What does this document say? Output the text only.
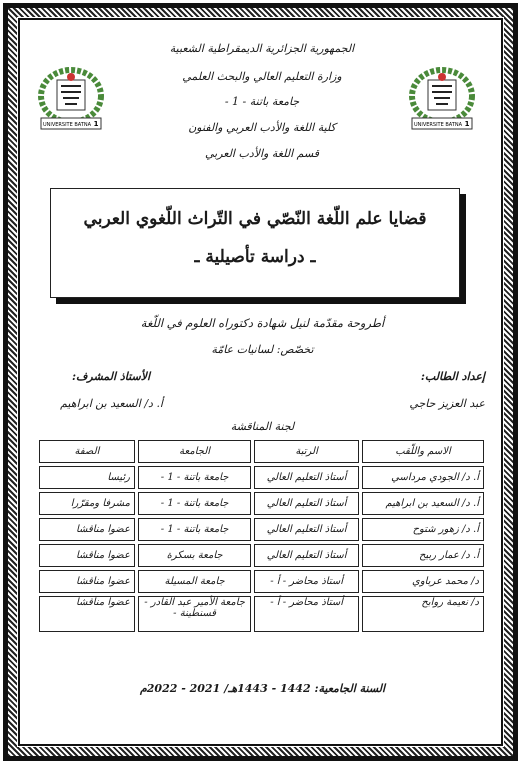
الجمهورية الجزائرية الديمقراطية الشعبية
وزارة التعليم العالي والبحث العلمي
جامعة باتنة - 1 -
كلية اللغة والأدب العربي والفنون
قسم اللغة والأدب العربي
UNIVERSITE BATNA 1	UNIVERSITE BATNA 1
قضايا علم اللّغة النّصّي في التّراث اللّغوي العربي
ـ دراسة تأصيلية ـ
أطروحة مقدّمة لنيل شهادة دكتوراه العلوم في اللّغة
تخصّص: لسانيات عامّة
إعداد الطالب:
عبد العزيز حاجي
الأستاذ المشرف:
أ. د/ السعيد بن ابراهيم
لجنة المناقشة
الاسم واللّقب	الرتبة	الجامعة	الصفة
أ. د/ الجودي مرداسي	أستاذ التعليم العالي	جامعة باتنة - 1 -	رئيسا
أ. د/ السعيد بن ابراهيم	أستاذ التعليم العالي	جامعة باتنة - 1 -	مشرفا ومقرّرا
أ. د/ زهور شتوح	أستاذ التعليم العالي	جامعة باتنة - 1 -	عضوا مناقشا
أ. د/ عمار ربيح	أستاذ التعليم العالي	جامعة بسكرة	عضوا مناقشا
د/ محمد عرباوي	أستاذ محاضر - أ -	جامعة المسيلة	عضوا مناقشا
د/ نعيمة روابح	أستاذ محاضر - أ -	جامعة الأمير عبد القادر - قسنطينة -	عضوا مناقشا
السنة الجامعية: 1442 - 1443هـ/ 2021 - 2022م
